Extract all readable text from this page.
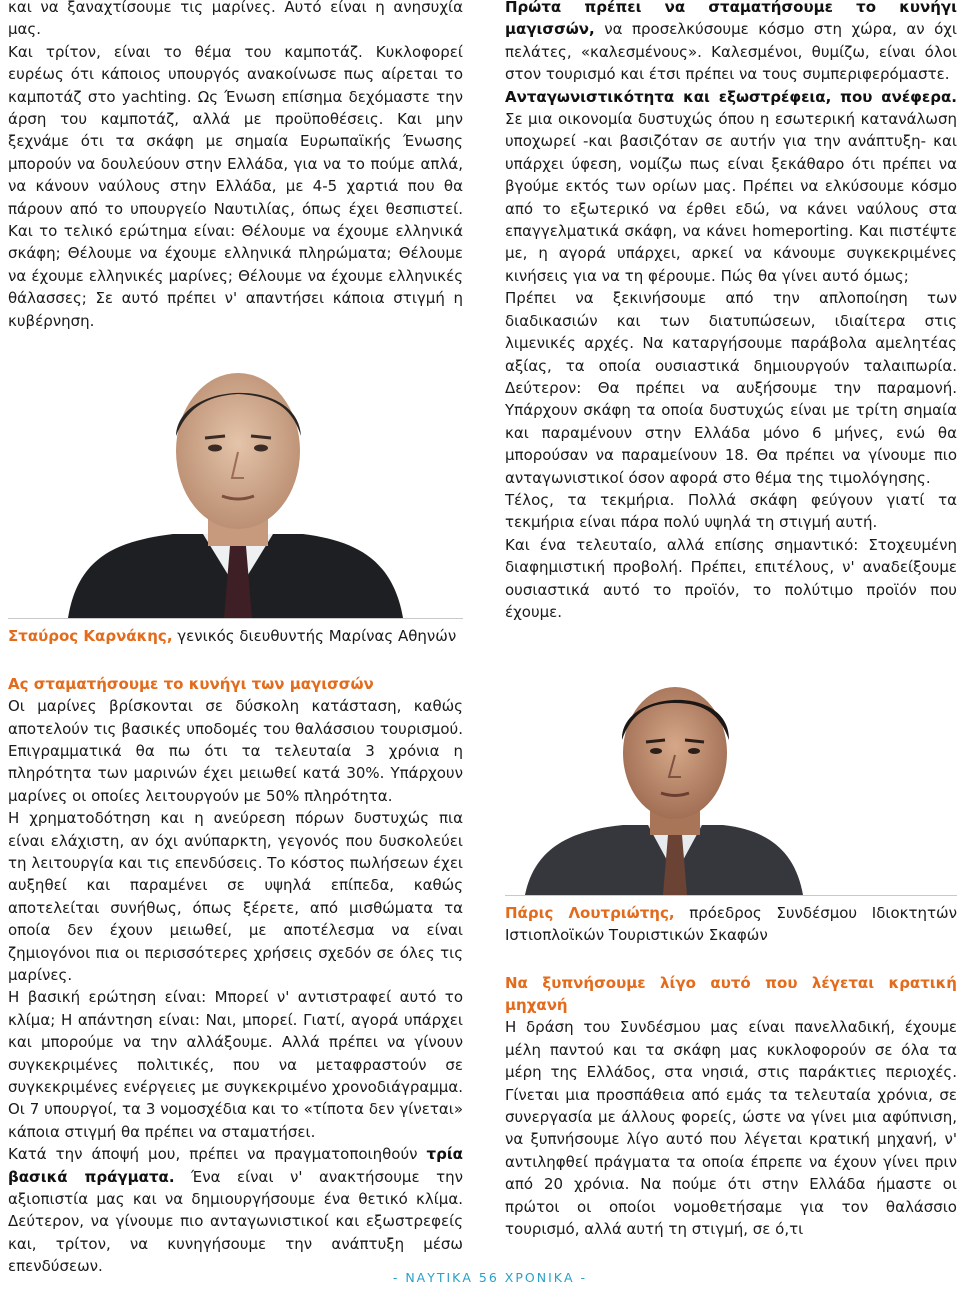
και να ξαναχτίσουμε τις μαρίνες. Αυτό είναι η ανησυχία μας.

Και τρίτον, είναι το θέμα του καμποτάζ. Κυκλοφορεί ευρέως ότι κάποιος υπουργός ανακοίνωσε πως αίρεται το καμποτάζ στο yachting. Ως Ένωση επίσημα δεχόμαστε την άρση του καμποτάζ, αλλά με προϋποθέσεις. Και μην ξεχνάμε ότι τα σκάφη με σημαία Ευρωπαϊκής Ένωσης μπορούν να δουλεύουν στην Ελλάδα, για να το πούμε απλά, να κάνουν ναύλους στην Ελλάδα, με 4-5 χαρτιά που θα πάρουν από το υπουργείο Ναυτιλίας, όπως έχει θεσπιστεί. Και το τελικό ερώτημα είναι: Θέλουμε να έχουμε ελληνικά σκάφη; Θέλουμε να έχουμε ελληνικά πληρώματα; Θέλουμε να έχουμε ελληνικές μαρίνες; Θέλουμε να έχουμε ελληνικές θάλασσες; Σε αυτό πρέπει ν' απαντήσει κάποια στιγμή η κυβέρνηση.

Σταύρος Καρνάκης, γενικός διευθυντής Μαρίνας Αθηνών

Ας σταματήσουμε το κυνήγι των μαγισσών

Οι μαρίνες βρίσκονται σε δύσκολη κατάσταση, καθώς αποτελούν τις βασικές υποδομές του θαλάσσιου τουρισμού. Επιγραμματικά θα πω ότι τα τελευταία 3 χρόνια η πληρότητα των μαρινών έχει μειωθεί κατά 30%. Υπάρχουν μαρίνες οι οποίες λειτουργούν με 50% πληρότητα.

Η χρηματοδότηση και η ανεύρεση πόρων δυστυχώς πια είναι ελάχιστη, αν όχι ανύπαρκτη, γεγονός που δυσκολεύει τη λειτουργία και τις επενδύσεις. Το κόστος πωλήσεων έχει αυξηθεί και παραμένει σε υψηλά επίπεδα, καθώς αποτελείται συνήθως, όπως ξέρετε, από μισθώματα τα οποία δεν έχουν μειωθεί, με αποτέλεσμα να είναι ζημιογόνοι πια οι περισσότερες χρήσεις σχεδόν σε όλες τις μαρίνες.

Η βασική ερώτηση είναι: Μπορεί ν' αντιστραφεί αυτό το κλίμα; Η απάντηση είναι: Ναι, μπορεί. Γιατί, αγορά υπάρχει και μπορούμε να την αλλάξουμε. Αλλά πρέπει να γίνουν συγκεκριμένες πολιτικές, που να μεταφραστούν σε συγκεκριμένες ενέργειες με συγκεκριμένο χρονοδιάγραμμα. Οι 7 υπουργοί, τα 3 νομοσχέδια και το «τίποτα δεν γίνεται» κάποια στιγμή θα πρέπει να σταματήσει.

Κατά την άποψή μου, πρέπει να πραγματοποιηθούν τρία βασικά πράγματα. Ένα είναι ν' ανακτήσουμε την αξιοπιστία μας και να δημιουργήσουμε ένα θετικό κλίμα. Δεύτερον, να γίνουμε πιο ανταγωνιστικοί και εξωστρεφείς και, τρίτον, να κυνηγήσουμε την ανάπτυξη μέσω επενδύσεων.

Πρώτα πρέπει να σταματήσουμε το κυνήγι μαγισσών, να προσελκύσουμε κόσμο στη χώρα, αν όχι πελάτες, «καλεσμένους». Καλεσμένοι, θυμίζω, είναι όλοι στον τουρισμό και έτσι πρέπει να τους συμπεριφερόμαστε.

Ανταγωνιστικότητα και εξωστρέφεια, που ανέφερα. Σε μια οικονομία δυστυχώς όπου η εσωτερική κατανάλωση υποχωρεί -και βασιζόταν σε αυτήν για την ανάπτυξη- και υπάρχει ύφεση, νομίζω πως είναι ξεκάθαρο ότι πρέπει να βγούμε εκτός των ορίων μας. Πρέπει να ελκύσουμε κόσμο από το εξωτερικό να έρθει εδώ, να κάνει ναύλους στα επαγγελματικά σκάφη, να κάνει homeporting. Και πιστέψτε με, η αγορά υπάρχει, αρκεί να κάνουμε συγκεκριμένες κινήσεις για να τη φέρουμε. Πώς θα γίνει αυτό όμως;

Πρέπει να ξεκινήσουμε από την απλοποίηση των διαδικασιών και των διατυπώσεων, ιδιαίτερα στις λιμενικές αρχές. Να καταργήσουμε παράβολα αμελητέας αξίας, τα οποία ουσιαστικά δημιουργούν ταλαιπωρία. Δεύτερον: Θα πρέπει να αυξήσουμε την παραμονή. Υπάρχουν σκάφη τα οποία δυστυχώς είναι με τρίτη σημαία και παραμένουν στην Ελλάδα μόνο 6 μήνες, ενώ θα μπορούσαν να παραμείνουν 18. Θα πρέπει να γίνουμε πιο ανταγωνιστικοί όσον αφορά στο θέμα της τιμολόγησης.

Τέλος, τα τεκμήρια. Πολλά σκάφη φεύγουν γιατί τα τεκμήρια είναι πάρα πολύ υψηλά τη στιγμή αυτή.

Και ένα τελευταίο, αλλά επίσης σημαντικό: Στοχευμένη διαφημιστική προβολή. Πρέπει, επιτέλους, ν' αναδείξουμε ουσιαστικά αυτό το προϊόν, το πολύτιμο προϊόν που έχουμε.

Πάρις Λουτριώτης, πρόεδρος Συνδέσμου Ιδιοκτητών Ιστιοπλοϊκών Τουριστικών Σκαφών

Να ξυπνήσουμε λίγο αυτό που λέγεται κρατική μηχανή

Η δράση του Συνδέσμου μας είναι πανελλαδική, έχουμε μέλη παντού και τα σκάφη μας κυκλοφορούν σε όλα τα μέρη της Ελλάδος, στα νησιά, στις παράκτιες περιοχές. Γίνεται μια προσπάθεια από εμάς τα τελευταία χρόνια, σε συνεργασία με άλλους φορείς, ώστε να γίνει μια αφύπνιση, να ξυπνήσουμε λίγο αυτό που λέγεται κρατική μηχανή, ν' αντιληφθεί πράγματα τα οποία έπρεπε να έχουν γίνει πριν από 20 χρόνια. Να πούμε ότι στην Ελλάδα ήμαστε οι πρώτοι οι οποίοι νομοθετήσαμε για τον θαλάσσιο τουρισμό, αλλά αυτή τη στιγμή, σε ό,τι

- ΝΑΥΤΙΚΑ 56 ΧΡΟΝΙΚΑ -
